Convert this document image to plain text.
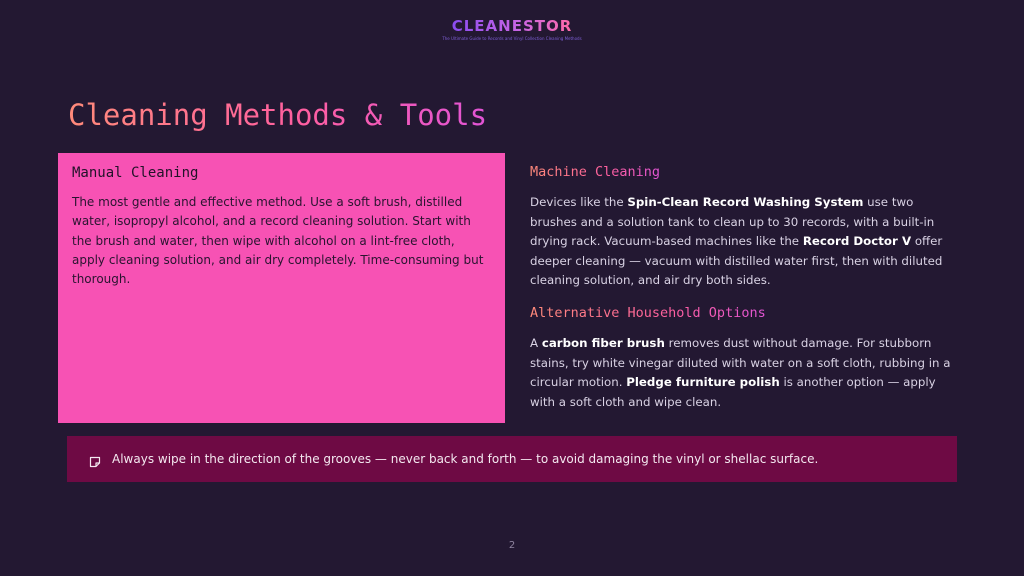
CLEANESTOR
The Ultimate Guide to Records and Vinyl Collection Cleaning Methods
Cleaning Methods & Tools
Manual Cleaning

The most gentle and effective method. Use a soft brush, distilled water, isopropyl alcohol, and a record cleaning solution. Start with the brush and water, then wipe with alcohol on a lint-free cloth, apply cleaning solution, and air dry completely. Time-consuming but thorough.

Machine Cleaning

Devices like the Spin-Clean Record Washing System use two brushes and a solution tank to clean up to 30 records, with a built-in drying rack. Vacuum-based machines like the Record Doctor V offer deeper cleaning — vacuum with distilled water first, then with diluted cleaning solution, and air dry both sides.

Alternative Household Options

A carbon fiber brush removes dust without damage. For stubborn stains, try white vinegar diluted with water on a soft cloth, rubbing in a circular motion. Pledge furniture polish is another option — apply with a soft cloth and wipe clean.

Always wipe in the direction of the grooves — never back and forth — to avoid damaging the vinyl or shellac surface.
2
